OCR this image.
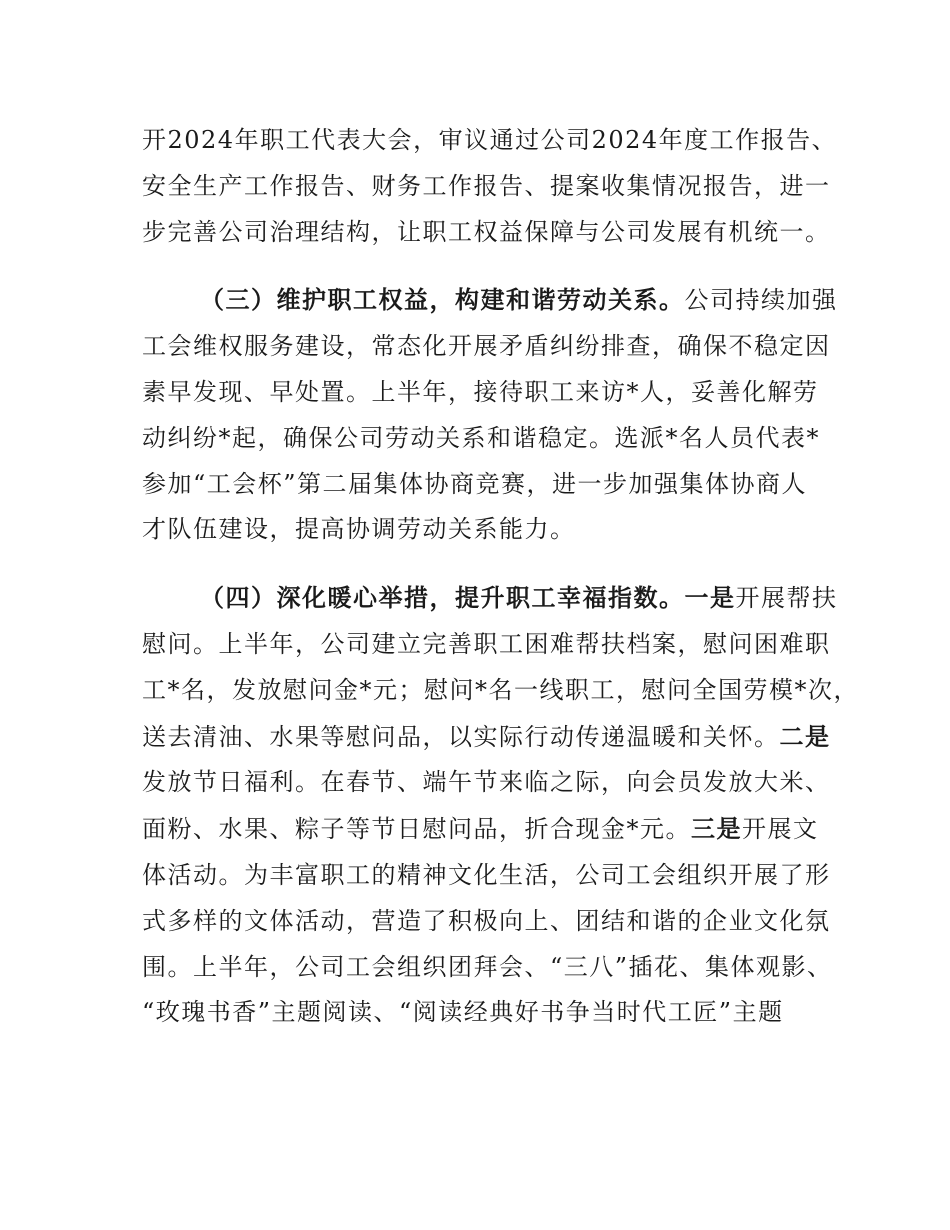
开2024年职工代表大会，审议通过公司2024年度工作报告、
安全生产工作报告、财务工作报告、提案收集情况报告，进一
步完善公司治理结构，让职工权益保障与公司发展有机统一。

（三）维护职工权益，构建和谐劳动关系。公司持续加强
工会维权服务建设，常态化开展矛盾纠纷排查，确保不稳定因
素早发现、早处置。上半年，接待职工来访*人，妥善化解劳
动纠纷*起，确保公司劳动关系和谐稳定。选派*名人员代表*
参加“工会杯”第二届集体协商竞赛，进一步加强集体协商人
才队伍建设，提高协调劳动关系能力。

（四）深化暖心举措，提升职工幸福指数。一是开展帮扶
慰问。上半年，公司建立完善职工困难帮扶档案，慰问困难职
工*名，发放慰问金*元；慰问*名一线职工，慰问全国劳模*次，
送去清油、水果等慰问品，以实际行动传递温暖和关怀。二是
发放节日福利。在春节、端午节来临之际，向会员发放大米、
面粉、水果、粽子等节日慰问品，折合现金*元。三是开展文
体活动。为丰富职工的精神文化生活，公司工会组织开展了形
式多样的文体活动，营造了积极向上、团结和谐的企业文化氛
围。上半年，公司工会组织团拜会、“三八”插花、集体观影、
“玫瑰书香”主题阅读、“阅读经典好书争当时代工匠”主题
